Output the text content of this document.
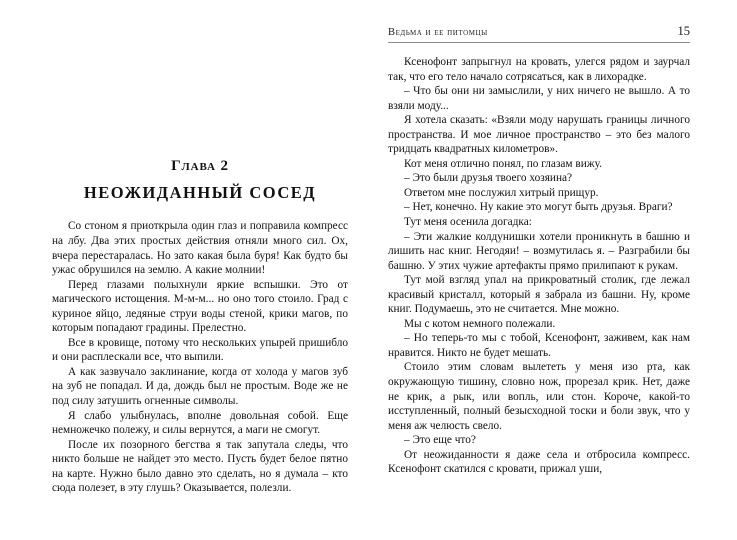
Глава 2
НЕОЖИДАННЫЙ СОСЕД

Со стоном я приоткрыла один глаз и поправила компресс на лбу. Два этих простых действия отняли много сил. Ох, вчера перестаралась. Но зато какая была буря! Как будто бы ужас обрушился на землю. А какие молнии!

Перед глазами полыхнули яркие вспышки. Это от магического истощения. М-м-м... но оно того стоило. Град с куриное яйцо, ледяные струи воды стеной, крики магов, по которым попадают градины. Прелестно.

Все в кровище, потому что нескольких упырей пришибло и они расплескали все, что выпили.

А как зазвучало заклинание, когда от холода у магов зуб на зуб не попадал. И да, дождь был не простым. Воде же не под силу затушить огненные символы.

Я слабо улыбнулась, вполне довольная собой. Еще немножечко полежу, и силы вернутся, а маги не смогут.

После их позорного бегства я так запутала следы, что никто больше не найдет это место. Пусть будет белое пятно на карте. Нужно было давно это сделать, но я думала – кто сюда полезет, в эту глушь? Оказывается, полезли.

Ведьма и ее питомцы	15

Ксенофонт запрыгнул на кровать, улегся рядом и заурчал так, что его тело начало сотрясаться, как в лихорадке.

– Что бы они ни замыслили, у них ничего не вышло. А то взяли моду...

Я хотела сказать: «Взяли моду нарушать границы личного пространства. И мое личное пространство – это без малого тридцать квадратных километров».

Кот меня отлично понял, по глазам вижу.

– Это были друзья твоего хозяина?

Ответом мне послужил хитрый прищур.

– Нет, конечно. Ну какие это могут быть друзья. Враги?

Тут меня осенила догадка:

– Эти жалкие колдунишки хотели проникнуть в башню и лишить нас книг. Негодяи! – возмутилась я. – Разграбили бы башню. У этих чужие артефакты прямо прилипают к рукам.

Тут мой взгляд упал на прикроватный столик, где лежал красивый кристалл, который я забрала из башни. Ну, кроме книг. Подумаешь, это не считается. Мне можно.

Мы с котом немного полежали.

– Но теперь-то мы с тобой, Ксенофонт, заживем, как нам нравится. Никто не будет мешать.

Стоило этим словам вылететь у меня изо рта, как окружающую тишину, словно нож, прорезал крик. Нет, даже не крик, а рык, или вопль, или стон. Короче, какой-то исступленный, полный безысходной тоски и боли звук, что у меня аж челюсть свело.

– Это еще что?

От неожиданности я даже села и отбросила компресс. Ксенофонт скатился с кровати, прижал уши,
